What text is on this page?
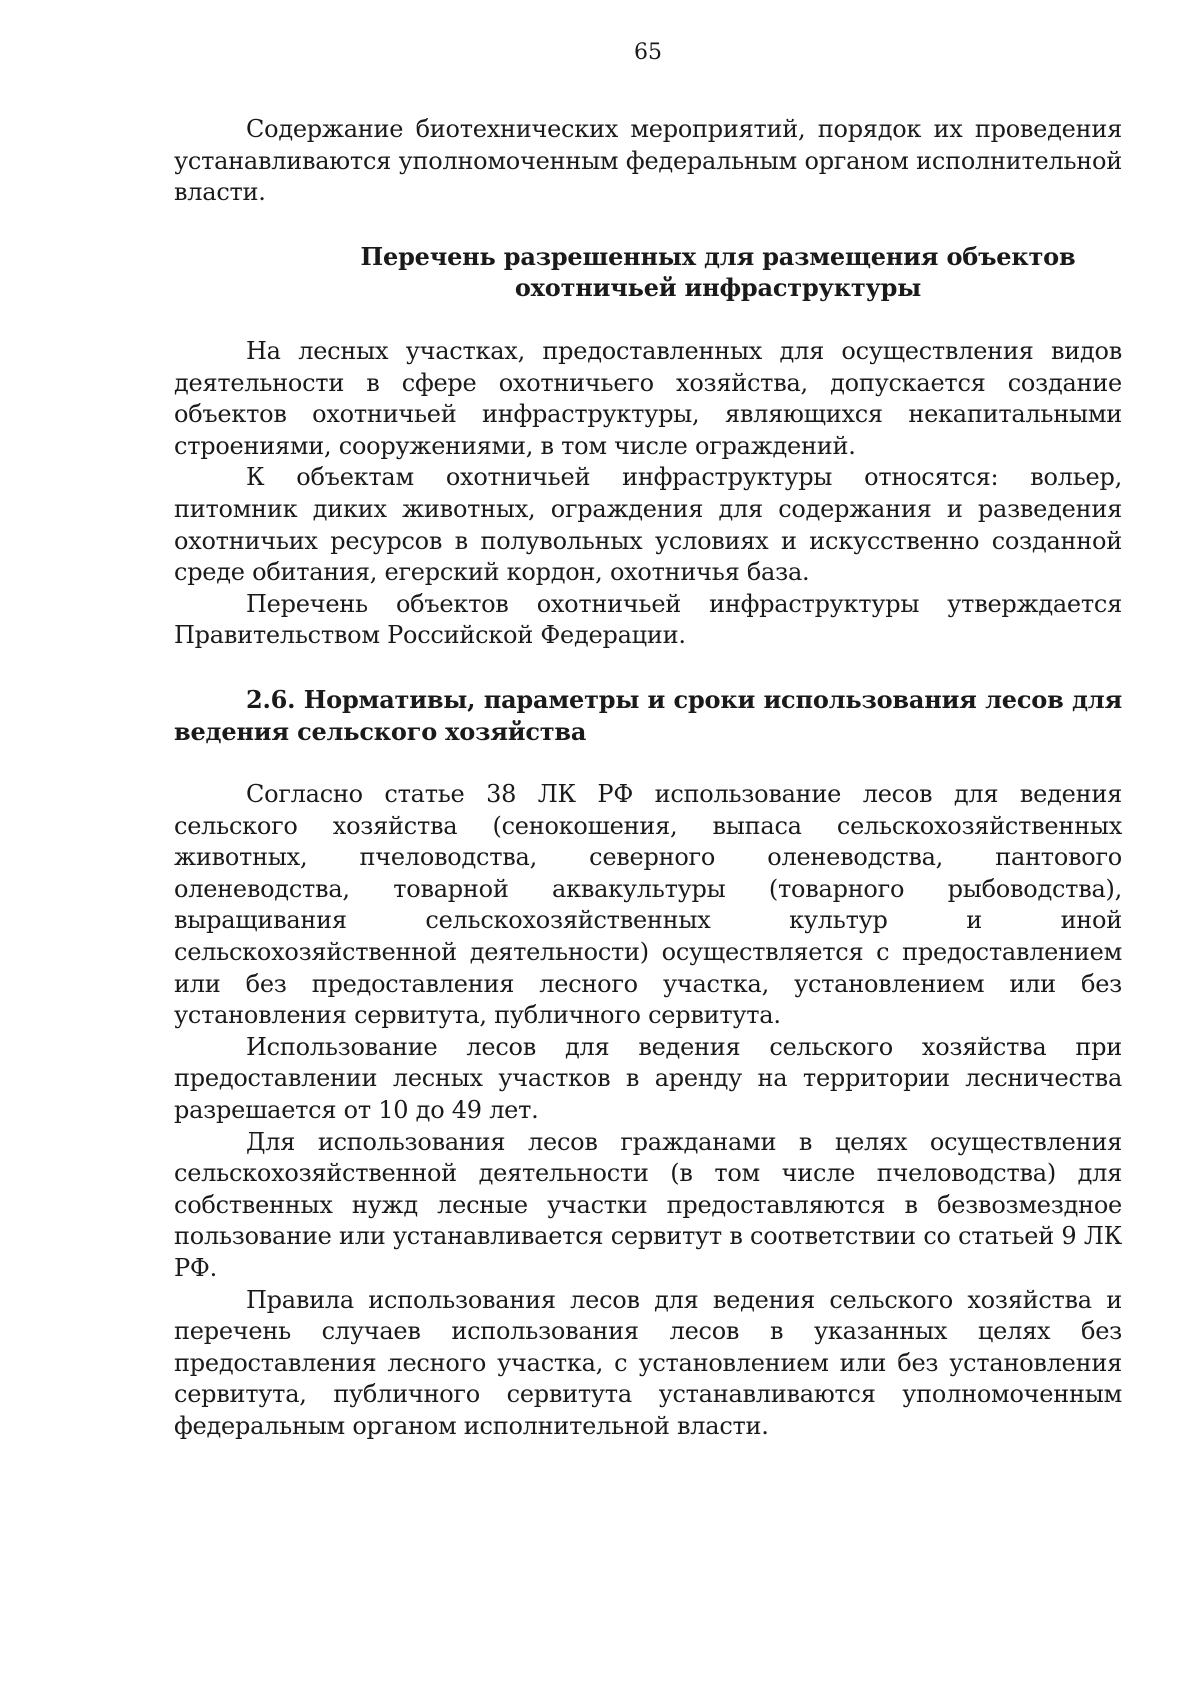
65

Содержание биотехнических мероприятий, порядок их проведения устанавливаются уполномоченным федеральным органом исполнительной власти.

Перечень разрешенных для размещения объектов
охотничьей инфраструктуры

На лесных участках, предоставленных для осуществления видов деятельности в сфере охотничьего хозяйства, допускается создание объектов охотничьей инфраструктуры, являющихся некапитальными строениями, сооружениями, в том числе ограждений.

К объектам охотничьей инфраструктуры относятся: вольер, питомник диких животных, ограждения для содержания и разведения охотничьих ресурсов в полувольных условиях и искусственно созданной среде обитания, егерский кордон, охотничья база.

Перечень объектов охотничьей инфраструктуры утверждается Правительством Российской Федерации.

2.6. Нормативы, параметры и сроки использования лесов для ведения сельского хозяйства

Согласно статье 38 ЛК РФ использование лесов для ведения сельского хозяйства (сенокошения, выпаса сельскохозяйственных животных, пчеловодства, северного оленеводства, пантового оленеводства, товарной аквакультуры (товарного рыбоводства), выращивания сельскохозяйственных культур и иной сельскохозяйственной деятельности) осуществляется с предоставлением или без предоставления лесного участка, установлением или без установления сервитута, публичного сервитута.

Использование лесов для ведения сельского хозяйства при предоставлении лесных участков в аренду на территории лесничества разрешается от 10 до 49 лет.

Для использования лесов гражданами в целях осуществления сельскохозяйственной деятельности (в том числе пчеловодства) для собственных нужд лесные участки предоставляются в безвозмездное пользование или устанавливается сервитут в соответствии со статьей 9 ЛК РФ.

Правила использования лесов для ведения сельского хозяйства и перечень случаев использования лесов в указанных целях без предоставления лесного участка, с установлением или без установления сервитута, публичного сервитута устанавливаются уполномоченным федеральным органом исполнительной власти.
